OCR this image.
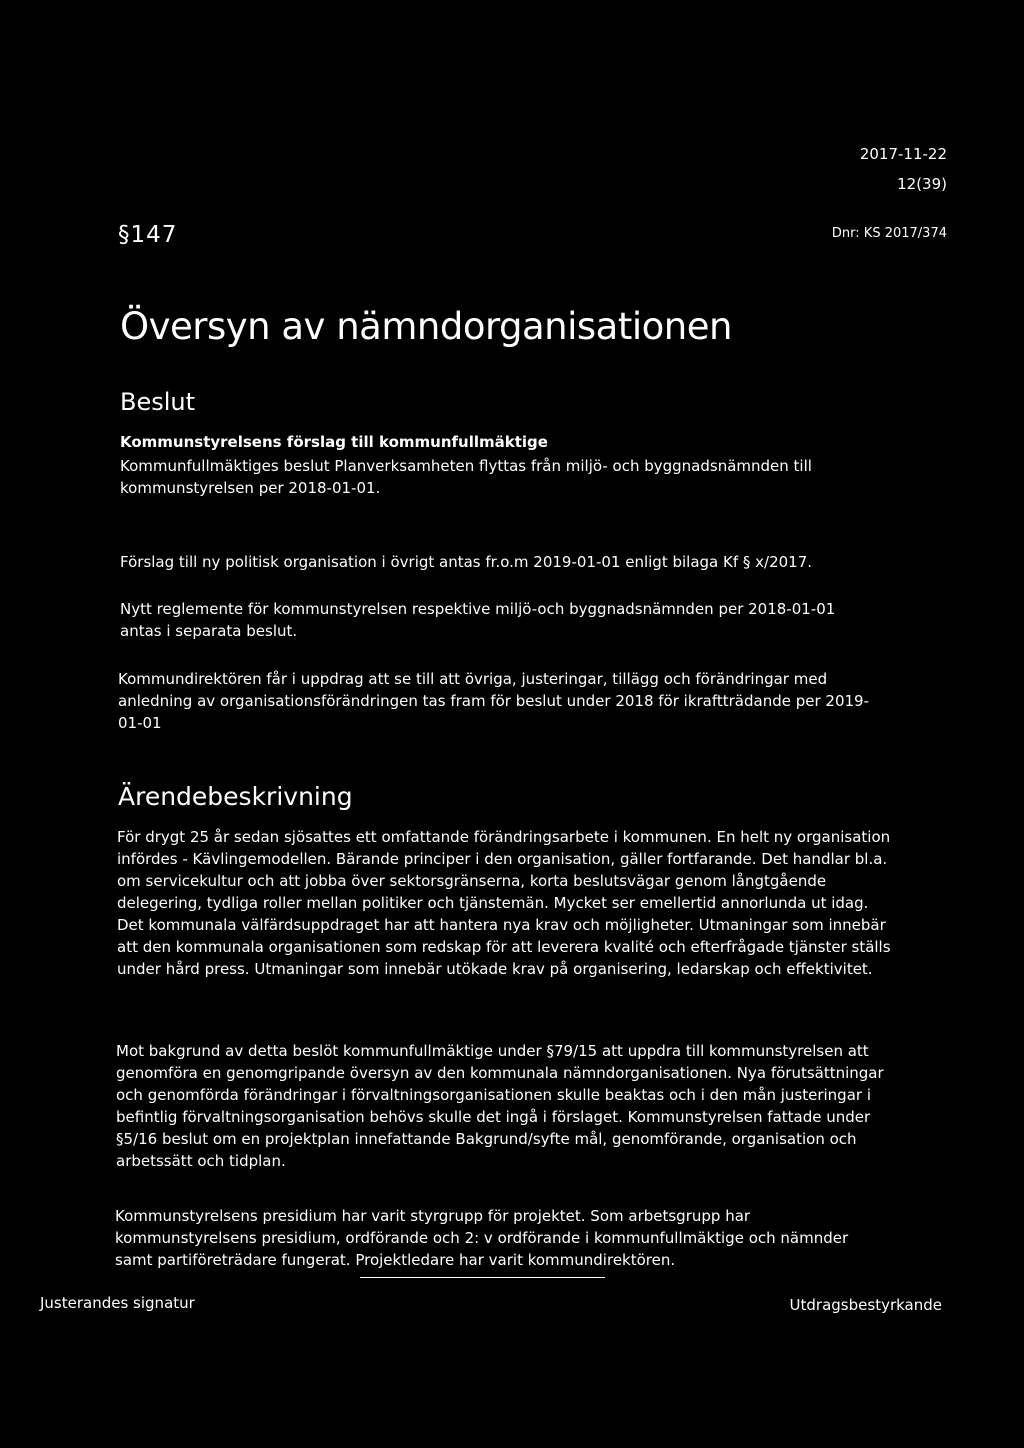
2017-11-22
12(39)
§147	Dnr: KS 2017/374
Översyn av nämndorganisationen
Beslut
Kommunstyrelsens förslag till kommunfullmäktige

Kommunfullmäktiges beslut Planverksamheten flyttas från miljö- och byggnadsnämnden till kommunstyrelsen per 2018-01-01.

Förslag till ny politisk organisation i övrigt antas fr.o.m 2019-01-01 enligt bilaga Kf § x/2017.

Nytt reglemente för kommunstyrelsen respektive miljö-och byggnadsnämnden per 2018-01-01 antas i separata beslut.

Kommundirektören får i uppdrag att se till att övriga, justeringar, tillägg och förändringar med anledning av organisationsförändringen tas fram för beslut under 2018 för ikraftträdande per 2019-01-01

Ärendebeskrivning

För drygt 25 år sedan sjösattes ett omfattande förändringsarbete i kommunen. En helt ny organisation infördes - Kävlingemodellen. Bärande principer i den organisation, gäller fortfarande. Det handlar bl.a. om servicekultur och att jobba över sektorsgränserna, korta beslutsvägar genom långtgående delegering, tydliga roller mellan politiker och tjänstemän. Mycket ser emellertid annorlunda ut idag. Det kommunala välfärdsuppdraget har att hantera nya krav och möjligheter. Utmaningar som innebär att den kommunala organisationen som redskap för att leverera kvalité och efterfrågade tjänster ställs under hård press. Utmaningar som innebär utökade krav på organisering, ledarskap och effektivitet.

Mot bakgrund av detta beslöt kommunfullmäktige under §79/15 att uppdra till kommunstyrelsen att genomföra en genomgripande översyn av den kommunala nämndorganisationen. Nya förutsättningar och genomförda förändringar i förvaltningsorganisationen skulle beaktas och i den mån justeringar i befintlig förvaltningsorganisation behövs skulle det ingå i förslaget. Kommunstyrelsen fattade under §5/16 beslut om en projektplan innefattande Bakgrund/syfte mål, genomförande, organisation och arbetssätt och tidplan.

Kommunstyrelsens presidium har varit styrgrupp för projektet. Som arbetsgrupp har kommunstyrelsens presidium, ordförande och 2: v ordförande i kommunfullmäktige och nämnder samt partiföreträdare fungerat. Projektledare har varit kommundirektören.

Justerandes signatur	Utdragsbestyrkande
